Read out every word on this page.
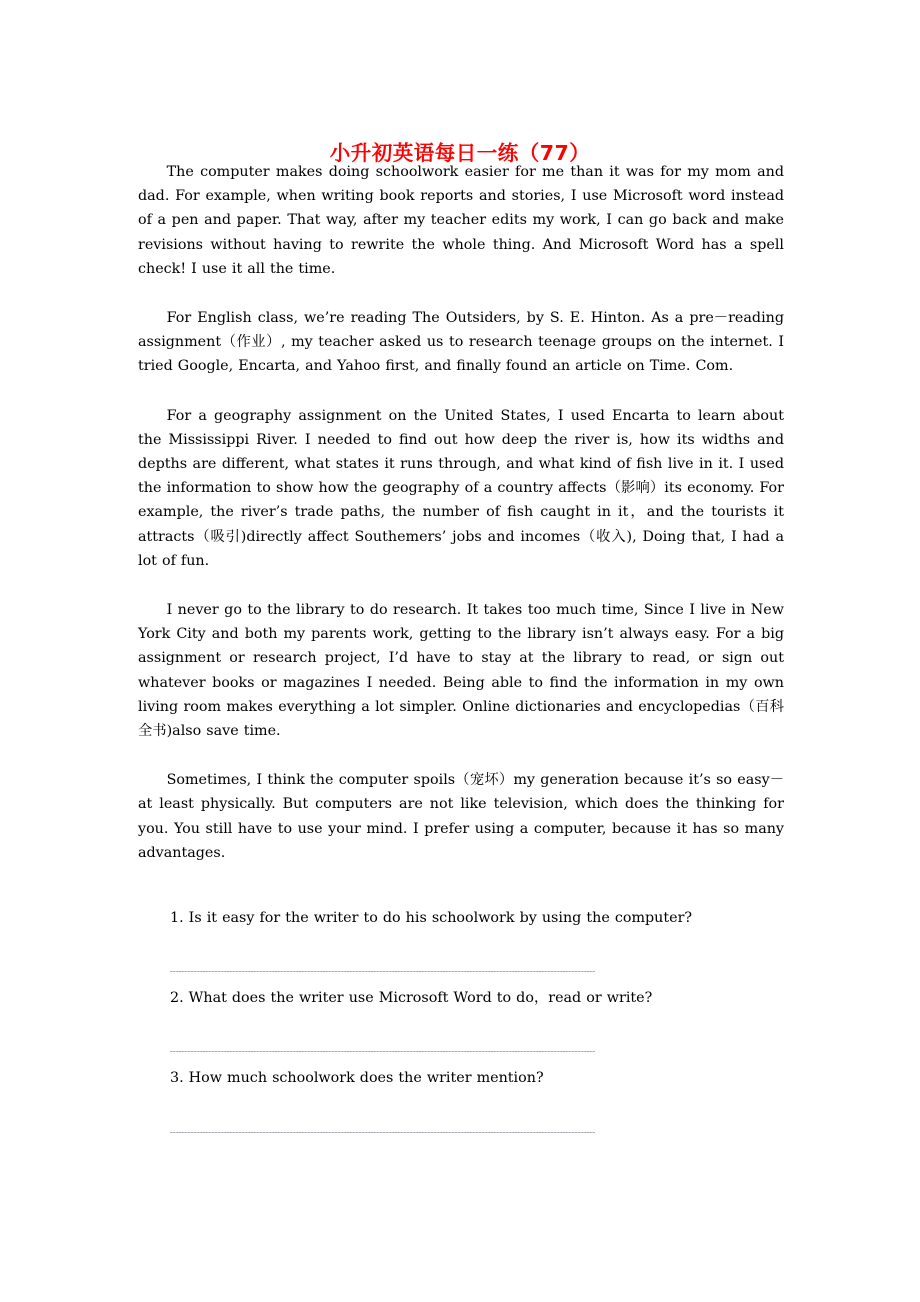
小升初英语每日一练（77）

The computer makes doing schoolwork easier for me than it was for my mom and dad. For example, when writing book reports and stories, I use Microsoft word instead of a pen and paper. That way, after my teacher edits my work, I can go back and make revisions without having to rewrite the whole thing. And Microsoft Word has a spell check! I use it all the time.

For English class, we’re reading The Outsiders, by S. E. Hinton. As a pre－reading assignment（作业）, my teacher asked us to research teenage groups on the internet. I tried Google, Encarta, and Yahoo first, and finally found an article on Time. Com.

For a geography assignment on the United States, I used Encarta to learn about the Mississippi River. I needed to find out how deep the river is, how its widths and depths are different, what states it runs through, and what kind of fish live in it. I used the information to show how the geography of a country affects（影响）its economy. For example, the river’s trade paths, the number of fish caught in it，and the tourists it attracts（吸引)directly affect Southemers’ jobs and incomes（收入), Doing that, I had a lot of fun.

I never go to the library to do research. It takes too much time, Since I live in New York City and both my parents work, getting to the library isn’t always easy. For a big assignment or research project, I’d have to stay at the library to read, or sign out whatever books or magazines I needed. Being able to find the information in my own living room makes everything a lot simpler. Online dictionaries and encyclopedias（百科全书)also save time.

Sometimes, I think the computer spoils（宠坏）my generation because it’s so easy－at least physically. But computers are not like television, which does the thinking for you. You still have to use your mind. I prefer using a computer, because it has so many advantages.

1. Is it easy for the writer to do his schoolwork by using the computer?
2. What does the writer use Microsoft Word to do，read or write?
3. How much schoolwork does the writer mention?
